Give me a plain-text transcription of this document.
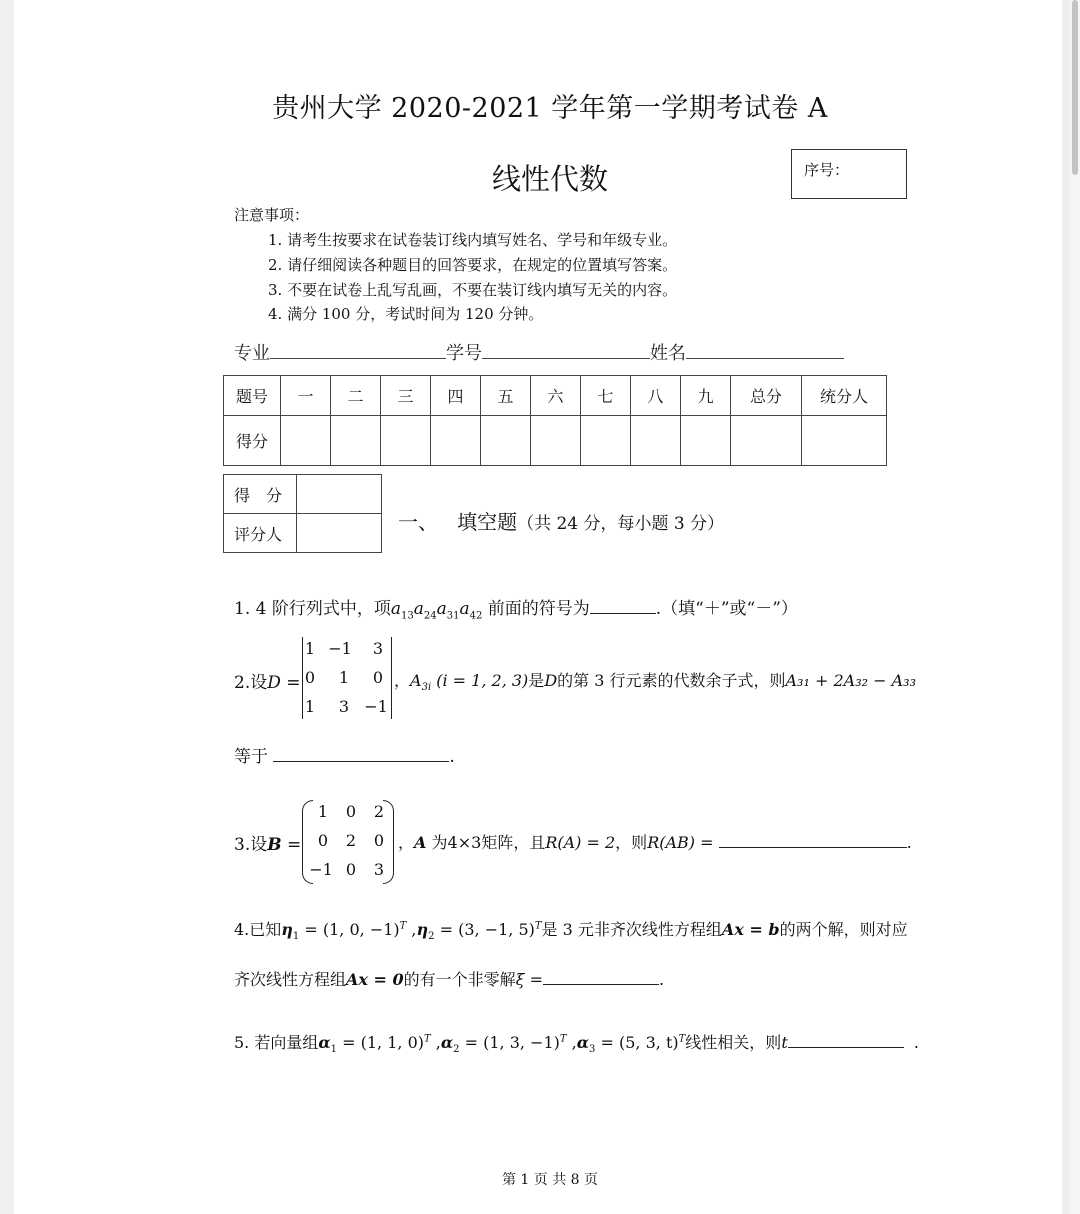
贵州大学 2020-2021 学年第一学期考试卷 A
线性代数	序号：
注意事项：
1. 请考生按要求在试卷装订线内填写姓名、学号和年级专业。
2. 请仔细阅读各种题目的回答要求，在规定的位置填写答案。
3. 不要在试卷上乱写乱画，不要在装订线内填写无关的内容。
4. 满分 100 分，考试时间为 120 分钟。
专业	学号	姓名
题号	一	二	三	四	五	六	七	八	九	总分	统分人
得分											
得　分	
评分人		一、 填空题（共 24 分，每小题 3 分）
1. 4 阶行列式中，项$a_{13}a_{24}a_{31}a_{42}$ 前面的符号为	.（填“＋”或“－”）
2.设D =
1 −1	3
0	1	0
1	3 −1
，$A_{3i}$ (i = 1, 2, 3)是D的第 3 行元素的代数余子式，则A₃₁ + 2A₃₂ − A₃₃
等于	.
3.设B =
1	0	2
0	2	0
−1 0	3
，A 为4×3矩阵，且R(A) = 2，则R(AB) =	.
4.已知$\eta_1 = (1$, 0, −1)$^T$ $,\eta_2 = (3$, −1, 5)$^T$是 3 元非齐次线性方程组Ax = b的两个解，则对应
齐次线性方程组Ax = 0的有一个非零解ξ =	.
5. 若向量组$\alpha_1 = (1$, 1, 0)$^T$ $,\alpha_2 = (1$, 3, −1)$^T$ $,\alpha_3 = (5$, 3, t)$^T$线性相关，则t	.
第 1 页 共 8 页
